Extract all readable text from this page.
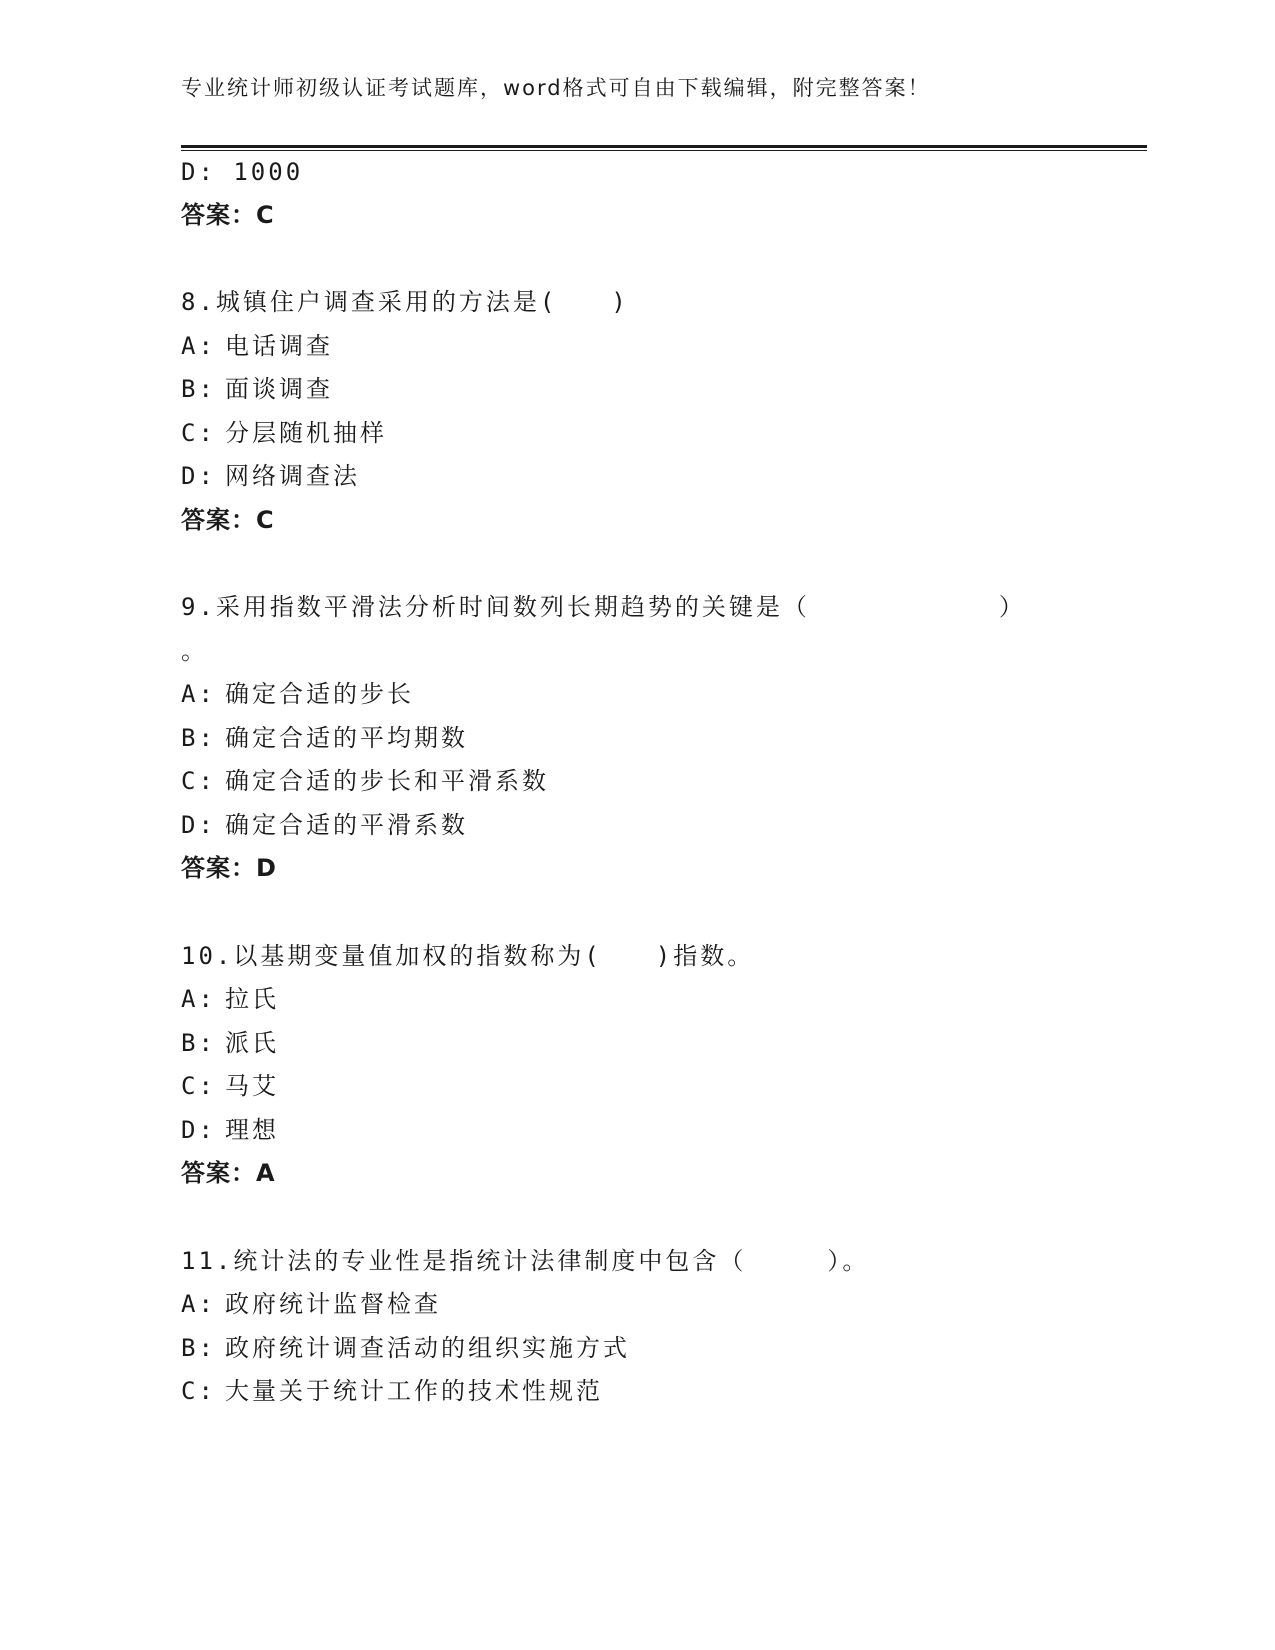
专业统计师初级认证考试题库，word格式可自由下载编辑，附完整答案！
D: 1000
答案：C
8.城镇住户调查采用的方法是(　　)
A: 电话调查
B: 面谈调查
C: 分层随机抽样
D: 网络调查法
答案：C
9.采用指数平滑法分析时间数列长期趋势的关键是（　　　　　　　）
。
A: 确定合适的步长
B: 确定合适的平均期数
C: 确定合适的步长和平滑系数
D: 确定合适的平滑系数
答案：D
10.以基期变量值加权的指数称为(　　)指数。
A: 拉氏
B: 派氏
C: 马艾
D: 理想
答案：A
11.统计法的专业性是指统计法律制度中包含（　　　）。
A: 政府统计监督检查
B: 政府统计调查活动的组织实施方式
C: 大量关于统计工作的技术性规范
